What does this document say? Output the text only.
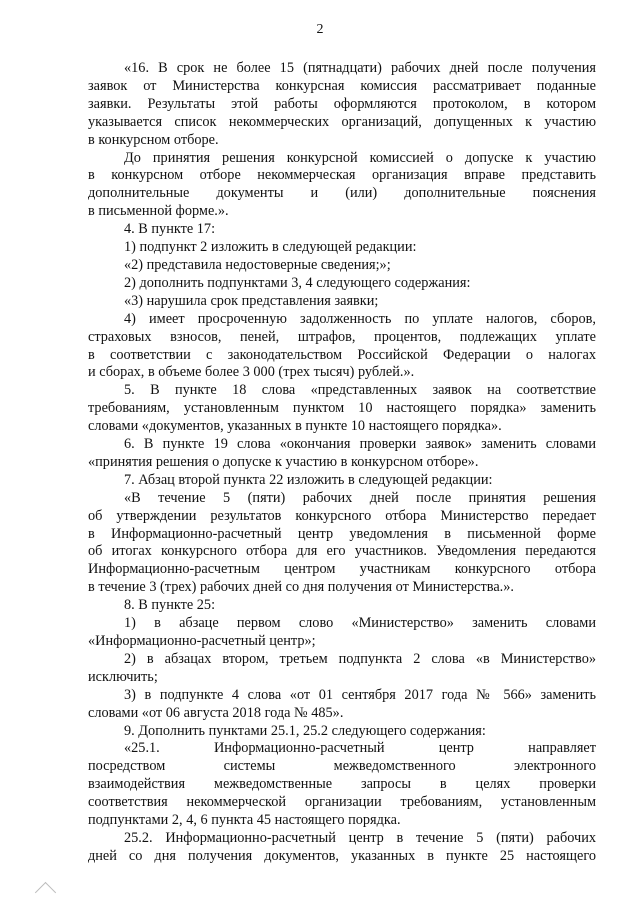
2

«16. В срок не более 15 (пятнадцати) рабочих дней после получения

заявок от Министерства конкурсная комиссия рассматривает поданные

заявки. Результаты этой работы оформляются протоколом, в котором

указывается список некоммерческих организаций, допущенных к участию

в конкурсном отборе.

До принятия решения конкурсной комиссией о допуске к участию

в конкурсном отборе некоммерческая организация вправе представить

дополнительные документы и (или) дополнительные пояснения

в письменной форме.».

4. В пункте 17:

1) подпункт 2 изложить в следующей редакции:

«2) представила недостоверные сведения;»;

2) дополнить подпунктами 3, 4 следующего содержания:

«3) нарушила срок представления заявки;

4) имеет просроченную задолженность по уплате налогов, сборов,

страховых взносов, пеней, штрафов, процентов, подлежащих уплате

в соответствии с законодательством Российской Федерации о налогах

и сборах, в объеме более 3 000 (трех тысяч) рублей.».

5. В пункте 18 слова «представленных заявок на соответствие

требованиям, установленным пунктом 10 настоящего порядка» заменить

словами «документов, указанных в пункте 10 настоящего порядка».

6. В пункте 19 слова «окончания проверки заявок» заменить словами

«принятия решения о допуске к участию в конкурсном отборе».

7. Абзац второй пункта 22 изложить в следующей редакции:

«В течение 5 (пяти) рабочих дней после принятия решения

об утверждении результатов конкурсного отбора Министерство передает

в Информационно-расчетный центр уведомления в письменной форме

об итогах конкурсного отбора для его участников. Уведомления передаются

Информационно-расчетным центром участникам конкурсного отбора

в течение 3 (трех) рабочих дней со дня получения от Министерства.».

8. В пункте 25:

1) в абзаце первом слово «Министерство» заменить словами

«Информационно-расчетный центр»;

2) в абзацах втором, третьем подпункта 2 слова «в Министерство»

исключить;

3) в подпункте 4 слова «от 01 сентября 2017 года № 566» заменить

словами «от 06 августа 2018 года № 485».

9. Дополнить пунктами 25.1, 25.2 следующего содержания:

«25.1. Информационно-расчетный центр направляет

посредством системы межведомственного электронного

взаимодействия межведомственные запросы в целях проверки

соответствия некоммерческой организации требованиям, установленным

подпунктами 2, 4, 6 пункта 45 настоящего порядка.

25.2. Информационно-расчетный центр в течение 5 (пяти) рабочих

дней со дня получения документов, указанных в пункте 25 настоящего
